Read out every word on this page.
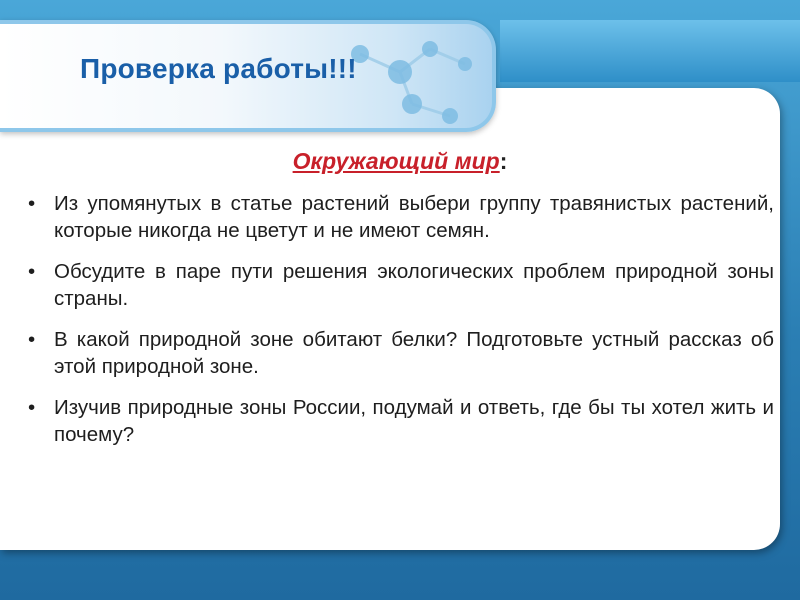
Проверка работы!!!

Окружающий мир:

• Из упомянутых в статье растений выбери группу травянистых растений, которые никогда не цветут и не имеют семян.
• Обсудите в паре пути решения экологических проблем природной зоны страны.
• В какой природной зоне обитают белки? Подготовьте устный рассказ об этой природной зоне.
• Изучив природные зоны России, подумай и ответь, где бы ты хотел жить и почему?
